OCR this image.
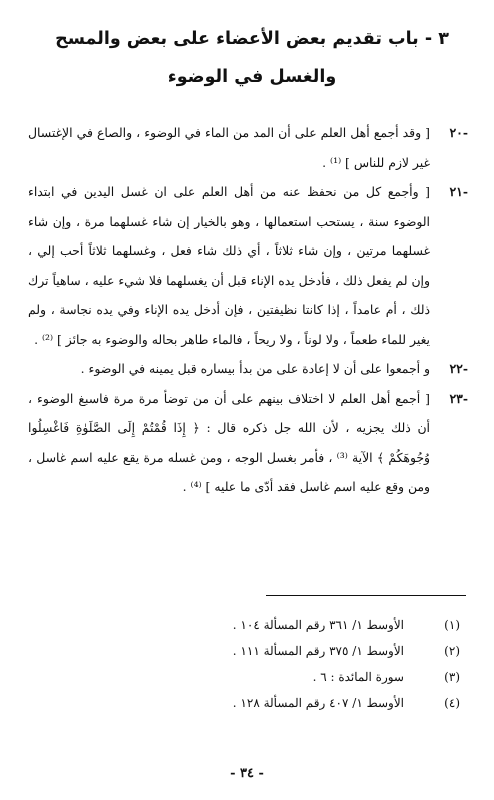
٣ - باب تقديم بعض الأعضاء على بعض والمسح والغسل في الوضوء

-٢٠
[ وقد أجمع أهل العلم على أن المد من الماء في الوضوء ، والصاع في الإغتسال غير لازم للناس ] ⁽¹⁾ .

-٢١
[ وأجمع كل من نحفظ عنه من أهل العلم على ان غسل اليدين في ابتداء الوضوء سنة ، يستحب استعمالها ، وهو بالخيار إن شاء غسلهما مرة ، وإن شاء غسلهما مرتين ، وإن شاء ثلاثاً ، أي ذلك شاء فعل ، وغسلهما ثلاثاً أحب إلي ، وإن لم يفعل ذلك ، فأدخل يده الإناء قبل أن يغسلهما فلا شيء عليه ، ساهياً ترك ذلك ، أم عامداً ، إذا كانتا نظيفتين ، فإن أدخل يده الإناء وفي يده نجاسة ، ولم يغير للماء طعماً ، ولا لوناً ، ولا ريحاً ، فالماء طاهر بحاله والوضوء به جائز ] ⁽²⁾ .

-٢٢
و أجمعوا على أن لا إعادة على من بدأ بيساره قبل يمينه في الوضوء .

-٢٣
[ أجمع أهل العلم لا اختلاف بينهم على أن من توضأ مرة مرة فاسبغ الوضوء ، أن ذلك يجزيه ، لأن الله جل ذكره قال : ﴿ إِذَا قُمْتُمْ إِلَى الصَّلَوٰةِ فَاغْسِلُوا وُجُوهَكُمْ ﴾ الآية ⁽³⁾ ، فأمر بغسل الوجه ، ومن غسله مرة يقع عليه اسم غاسل ، ومن وقع عليه اسم غاسل فقد أدّى ما عليه ] ⁽⁴⁾ .

(١)
الأوسط ١/ ٣٦١ رقم المسألة ١٠٤ .
(٢)
الأوسط ١/ ٣٧٥ رقم المسألة ١١١ .
(٣)
سورة المائدة : ٦ .
(٤)
الأوسط ١/ ٤٠٧ رقم المسألة ١٢٨ .
- ٣٤ -
